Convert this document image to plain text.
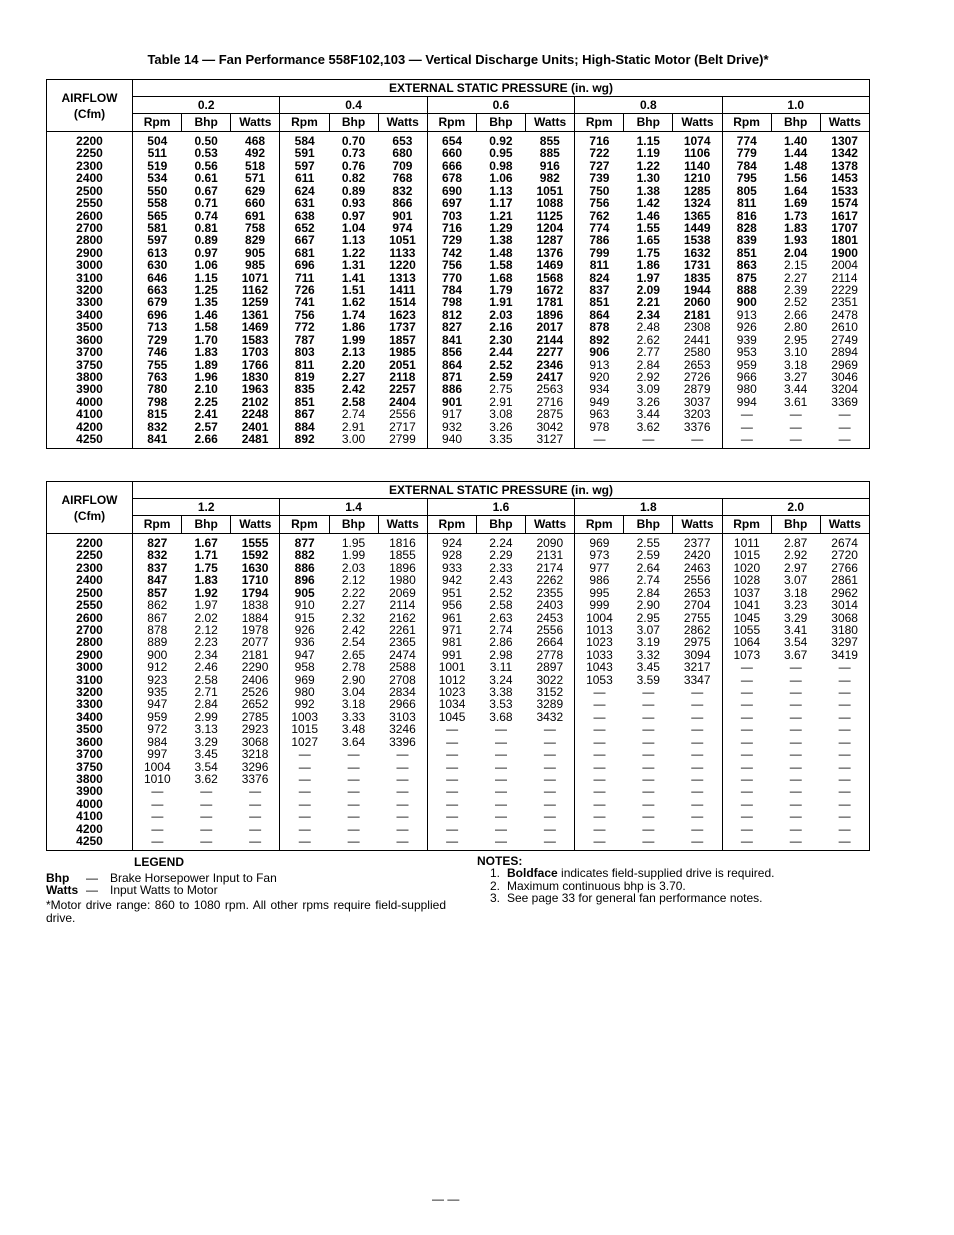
Table 14 — Fan Performance 558F102,103 — Vertical Discharge Units; High-Static Motor (Belt Drive)*
AIRFLOW
(Cfm)	EXTERNAL STATIC PRESSURE (in. wg)														
	0.2			0.4			0.6			0.8			1.0		
	Rpm	Bhp	Watts	Rpm	Bhp	Watts	Rpm	Bhp	Watts	Rpm	Bhp	Watts	Rpm	Bhp	Watts
2200	504	0.50	468	584	0.70	653	654	0.92	855	716	1.15	1074	774	1.40	1307
2250	511	0.53	492	591	0.73	680	660	0.95	885	722	1.19	1106	779	1.44	1342
2300	519	0.56	518	597	0.76	709	666	0.98	916	727	1.22	1140	784	1.48	1378
2400	534	0.61	571	611	0.82	768	678	1.06	982	739	1.30	1210	795	1.56	1453
2500	550	0.67	629	624	0.89	832	690	1.13	1051	750	1.38	1285	805	1.64	1533
2550	558	0.71	660	631	0.93	866	697	1.17	1088	756	1.42	1324	811	1.69	1574
2600	565	0.74	691	638	0.97	901	703	1.21	1125	762	1.46	1365	816	1.73	1617
2700	581	0.81	758	652	1.04	974	716	1.29	1204	774	1.55	1449	828	1.83	1707
2800	597	0.89	829	667	1.13	1051	729	1.38	1287	786	1.65	1538	839	1.93	1801
2900	613	0.97	905	681	1.22	1133	742	1.48	1376	799	1.75	1632	851	2.04	1900
3000	630	1.06	985	696	1.31	1220	756	1.58	1469	811	1.86	1731	863	2.15	2004
3100	646	1.15	1071	711	1.41	1313	770	1.68	1568	824	1.97	1835	875	2.27	2114
3200	663	1.25	1162	726	1.51	1411	784	1.79	1672	837	2.09	1944	888	2.39	2229
3300	679	1.35	1259	741	1.62	1514	798	1.91	1781	851	2.21	2060	900	2.52	2351
3400	696	1.46	1361	756	1.74	1623	812	2.03	1896	864	2.34	2181	913	2.66	2478
3500	713	1.58	1469	772	1.86	1737	827	2.16	2017	878	2.48	2308	926	2.80	2610
3600	729	1.70	1583	787	1.99	1857	841	2.30	2144	892	2.62	2441	939	2.95	2749
3700	746	1.83	1703	803	2.13	1985	856	2.44	2277	906	2.77	2580	953	3.10	2894
3750	755	1.89	1766	811	2.20	2051	864	2.52	2346	913	2.84	2653	959	3.18	2969
3800	763	1.96	1830	819	2.27	2118	871	2.59	2417	920	2.92	2726	966	3.27	3046
3900	780	2.10	1963	835	2.42	2257	886	2.75	2563	934	3.09	2879	980	3.44	3204
4000	798	2.25	2102	851	2.58	2404	901	2.91	2716	949	3.26	3037	994	3.61	3369
4100	815	2.41	2248	867	2.74	2556	917	3.08	2875	963	3.44	3203	—	—	—
4200	832	2.57	2401	884	2.91	2717	932	3.26	3042	978	3.62	3376	—	—	—
4250	841	2.66	2481	892	3.00	2799	940	3.35	3127	—	—	—	—	—	—
AIRFLOW
(Cfm)	EXTERNAL STATIC PRESSURE (in. wg)														
	1.2			1.4			1.6			1.8			2.0		
	Rpm	Bhp	Watts	Rpm	Bhp	Watts	Rpm	Bhp	Watts	Rpm	Bhp	Watts	Rpm	Bhp	Watts
2200	827	1.67	1555	877	1.95	1816	924	2.24	2090	969	2.55	2377	1011	2.87	2674
2250	832	1.71	1592	882	1.99	1855	928	2.29	2131	973	2.59	2420	1015	2.92	2720
2300	837	1.75	1630	886	2.03	1896	933	2.33	2174	977	2.64	2463	1020	2.97	2766
2400	847	1.83	1710	896	2.12	1980	942	2.43	2262	986	2.74	2556	1028	3.07	2861
2500	857	1.92	1794	905	2.22	2069	951	2.52	2355	995	2.84	2653	1037	3.18	2962
2550	862	1.97	1838	910	2.27	2114	956	2.58	2403	999	2.90	2704	1041	3.23	3014
2600	867	2.02	1884	915	2.32	2162	961	2.63	2453	1004	2.95	2755	1045	3.29	3068
2700	878	2.12	1978	926	2.42	2261	971	2.74	2556	1013	3.07	2862	1055	3.41	3180
2800	889	2.23	2077	936	2.54	2365	981	2.86	2664	1023	3.19	2975	1064	3.54	3297
2900	900	2.34	2181	947	2.65	2474	991	2.98	2778	1033	3.32	3094	1073	3.67	3419
3000	912	2.46	2290	958	2.78	2588	1001	3.11	2897	1043	3.45	3217	—	—	—
3100	923	2.58	2406	969	2.90	2708	1012	3.24	3022	1053	3.59	3347	—	—	—
3200	935	2.71	2526	980	3.04	2834	1023	3.38	3152	—	—	—	—	—	—
3300	947	2.84	2652	992	3.18	2966	1034	3.53	3289	—	—	—	—	—	—
3400	959	2.99	2785	1003	3.33	3103	1045	3.68	3432	—	—	—	—	—	—
3500	972	3.13	2923	1015	3.48	3246	—	—	—	—	—	—	—	—	—
3600	984	3.29	3068	1027	3.64	3396	—	—	—	—	—	—	—	—	—
3700	997	3.45	3218	—	—	—	—	—	—	—	—	—	—	—	—
3750	1004	3.54	3296	—	—	—	—	—	—	—	—	—	—	—	—
3800	1010	3.62	3376	—	—	—	—	—	—	—	—	—	—	—	—
3900	—	—	—	—	—	—	—	—	—	—	—	—	—	—	—
4000	—	—	—	—	—	—	—	—	—	—	—	—	—	—	—
4100	—	—	—	—	—	—	—	—	—	—	—	—	—	—	—
4200	—	—	—	—	—	—	—	—	—	—	—	—	—	—	—
4250	—	—	—	—	—	—	—	—	—	—	—	—	—	—	—
LEGEND
Bhp	—	Brake Horsepower Input to Fan
Watts —	Input Watts to Motor
*Motor drive range: 860 to 1080 rpm. All other rpms require field-supplied drive.
NOTES:
1. Boldface indicates field-supplied drive is required.
2. Maximum continuous bhp is 3.70.
3. See page 33 for general fan performance notes.
— —
